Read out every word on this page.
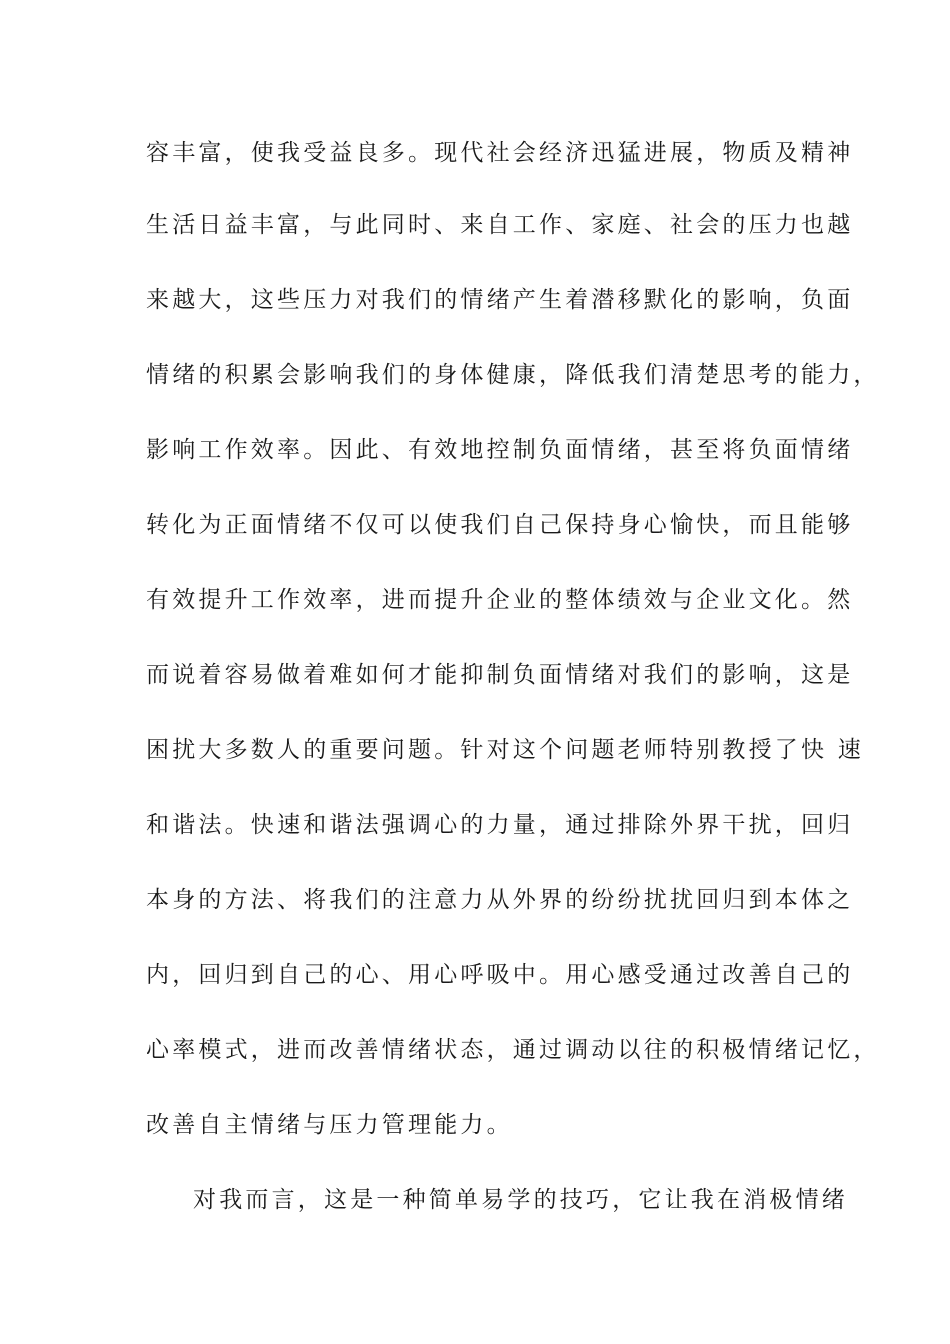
容丰富，使我受益良多。现代社会经济迅猛进展，物质及精神
生活日益丰富，与此同时、来自工作、家庭、社会的压力也越
来越大，这些压力对我们的情绪产生着潜移默化的影响，负面
情绪的积累会影响我们的身体健康，降低我们清楚思考的能力，
影响工作效率。因此、有效地控制负面情绪，甚至将负面情绪
转化为正面情绪不仅可以使我们自己保持身心愉快，而且能够
有效提升工作效率，进而提升企业的整体绩效与企业文化。然
而说着容易做着难如何才能抑制负面情绪对我们的影响，这是
困扰大多数人的重要问题。针对这个问题老师特别教授了快 速
和谐法。快速和谐法强调心的力量，通过排除外界干扰，回归
本身的方法、将我们的注意力从外界的纷纷扰扰回归到本体之
内，回归到自己的心、用心呼吸中。用心感受通过改善自己的
心率模式，进而改善情绪状态，通过调动以往的积极情绪记忆，
改善自主情绪与压力管理能力。
对我而言，这是一种简单易学的技巧，它让我在消极情绪
